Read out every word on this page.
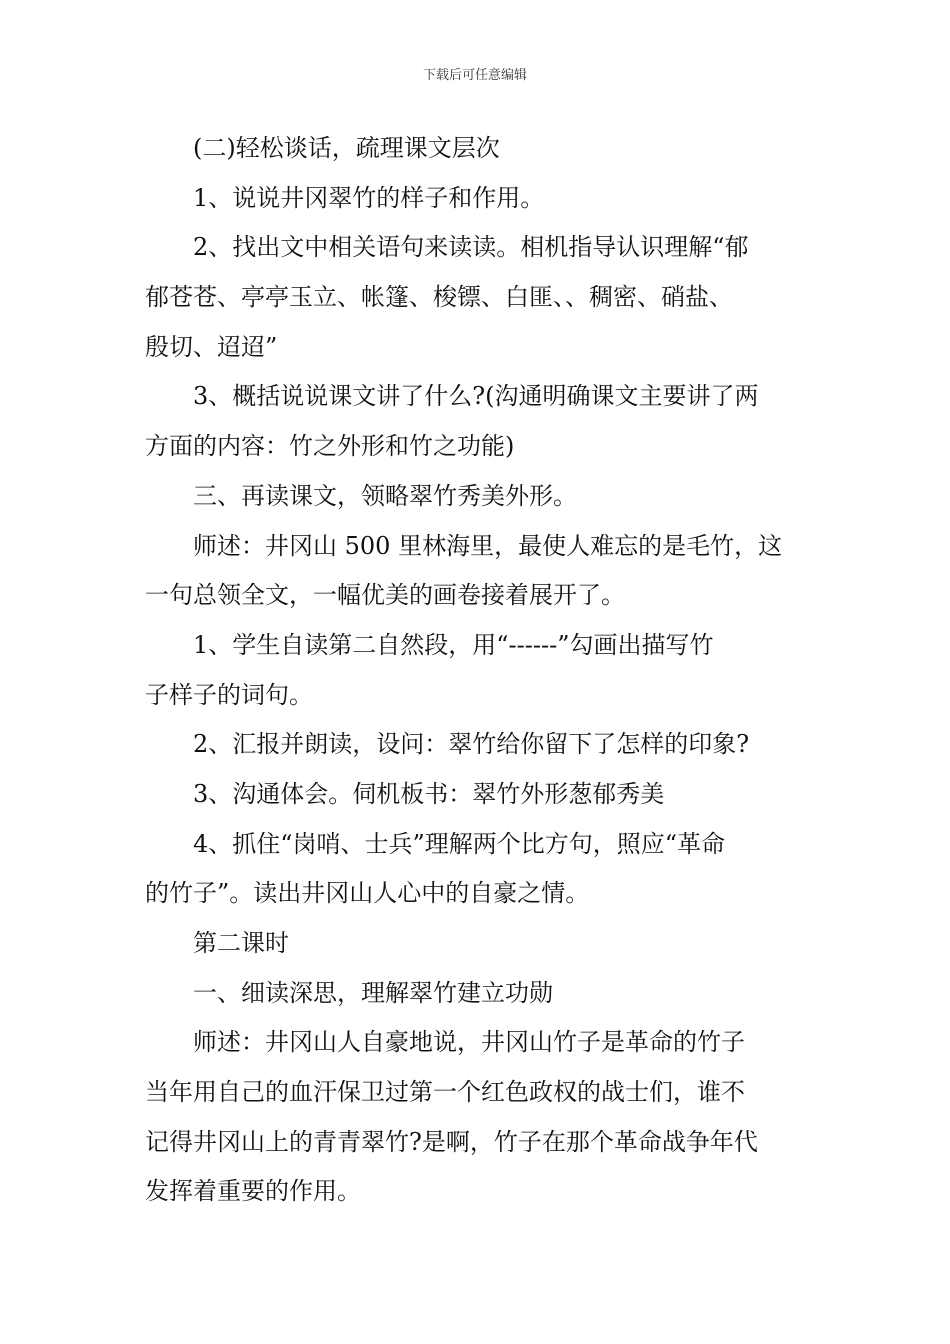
下载后可任意编辑
(二)轻松谈话，疏理课文层次
1、说说井冈翠竹的样子和作用。
2、找出文中相关语句来读读。相机指导认识理解“郁
郁苍苍、亭亭玉立、帐篷、梭镖、白匪、、稠密、硝盐、
殷切、迢迢”
3、概括说说课文讲了什么?(沟通明确课文主要讲了两
方面的内容：竹之外形和竹之功能)
三、再读课文，领略翠竹秀美外形。
师述：井冈山 500 里林海里，最使人难忘的是毛竹，这
一句总领全文，一幅优美的画卷接着展开了。
1、学生自读第二自然段，用“------”勾画出描写竹
子样子的词句。
2、汇报并朗读，设问：翠竹给你留下了怎样的印象?
3、沟通体会。伺机板书：翠竹外形葱郁秀美
4、抓住“岗哨、士兵”理解两个比方句，照应“革命
的竹子”。读出井冈山人心中的自豪之情。
第二课时
一、细读深思，理解翠竹建立功勋
师述：井冈山人自豪地说，井冈山竹子是革命的竹子
当年用自己的血汗保卫过第一个红色政权的战士们，谁不
记得井冈山上的青青翠竹?是啊，竹子在那个革命战争年代
发挥着重要的作用。
